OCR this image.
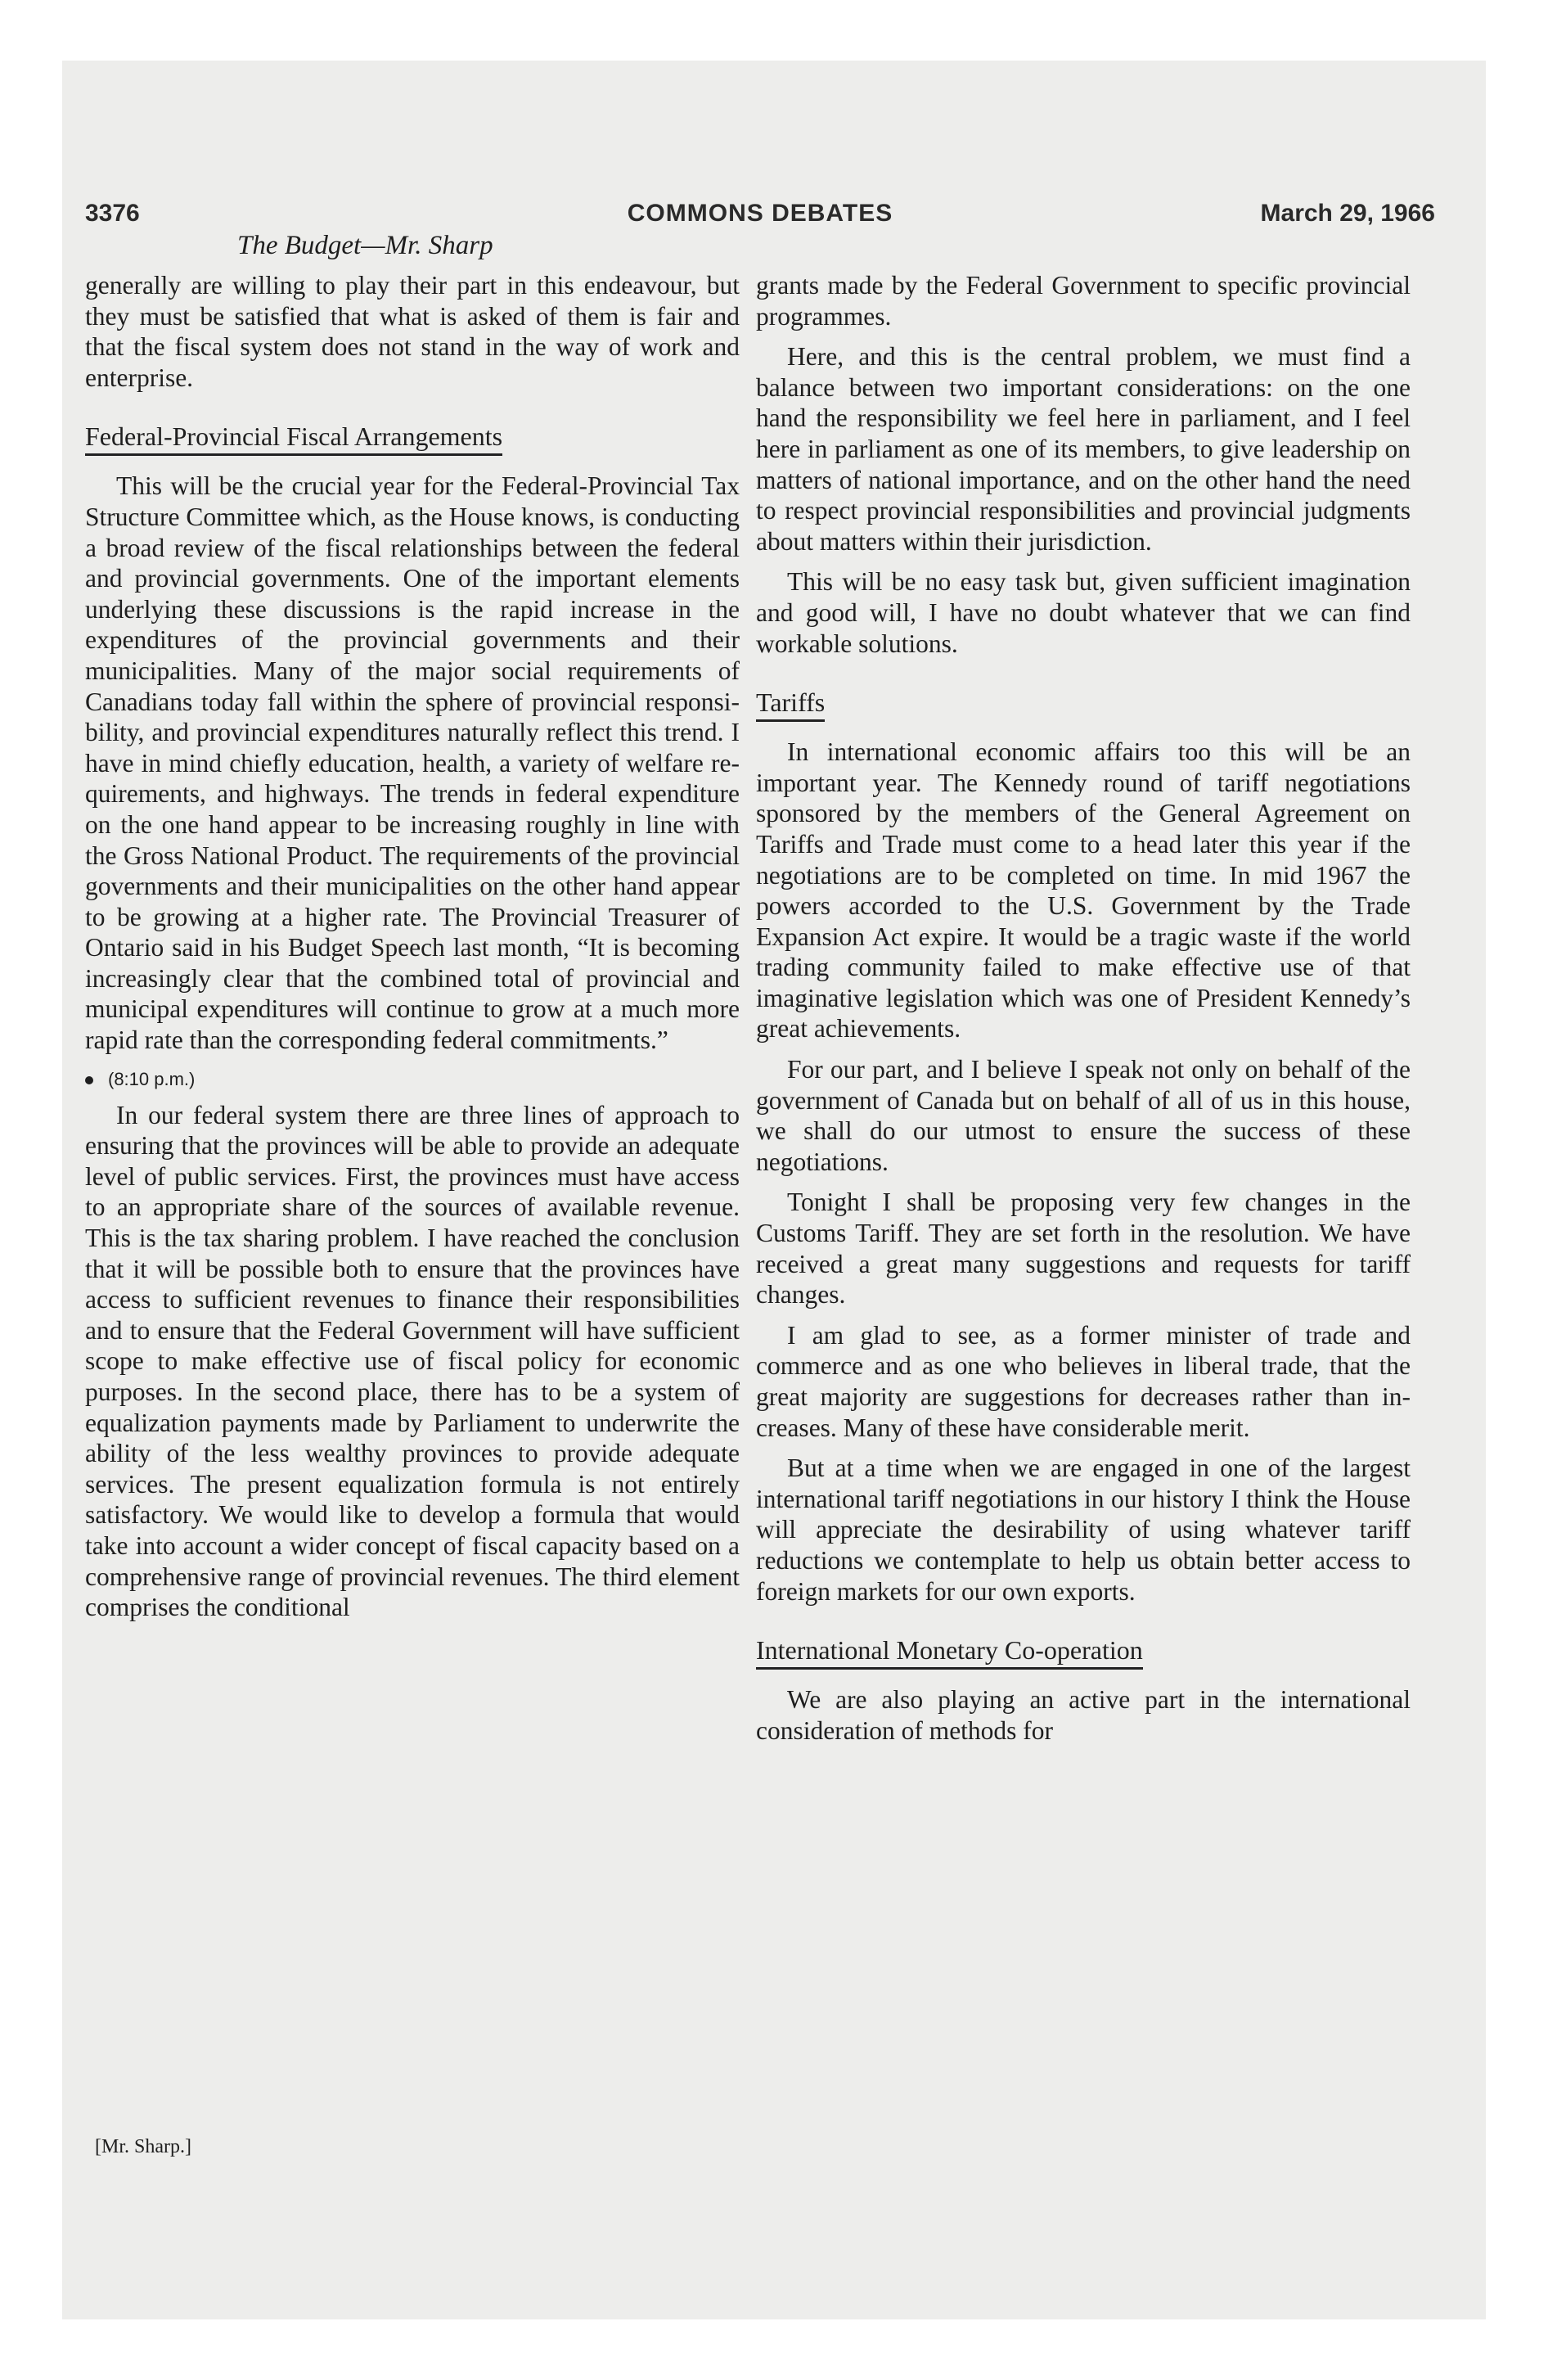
3376	COMMONS DEBATES	March 29, 1966
The Budget—Mr. Sharp

generally are willing to play their part in this endeavour, but they must be satisfied that what is asked of them is fair and that the fiscal system does not stand in the way of work and enterprise.

Federal-Provincial Fiscal Arrangements

This will be the crucial year for the Federal-Provincial Tax Structure Committee which, as the House knows, is conducting a broad review of the fiscal relationships between the federal and provincial governments. One of the important elements underlying these discussions is the rapid increase in the expenditures of the provincial governments and their municipalities. Many of the major social requirements of Canadians today fall within the sphere of provincial responsibility, and provincial expenditures naturally reflect this trend. I have in mind chiefly education, health, a variety of welfare requirements, and highways. The trends in federal expenditure on the one hand appear to be increasing roughly in line with the Gross National Product. The requirements of the provincial governments and their municipalities on the other hand appear to be growing at a higher rate. The Provincial Treasurer of Ontario said in his Budget Speech last month, “It is becoming increasingly clear that the combined total of provincial and municipal expenditures will continue to grow at a much more rapid rate than the corresponding federal commitments.”

(8:10 p.m.)

In our federal system there are three lines of approach to ensuring that the provinces will be able to provide an adequate level of public services. First, the provinces must have access to an appropriate share of the sources of available revenue. This is the tax sharing problem. I have reached the conclusion that it will be possible both to ensure that the provinces have access to sufficient revenues to finance their responsibilities and to ensure that the Federal Government will have sufficient scope to make effective use of fiscal policy for economic purposes. In the second place, there has to be a system of equalization payments made by Parliament to underwrite the ability of the less wealthy provinces to provide adequate services. The present equalization formula is not entirely satisfactory. We would like to develop a formula that would take into account a wider concept of fiscal capacity based on a comprehensive range of provincial revenues. The third element comprises the conditional

grants made by the Federal Government to specific provincial programmes.

Here, and this is the central problem, we must find a balance between two important considerations: on the one hand the responsibility we feel here in parliament, and I feel here in parliament as one of its members, to give leadership on matters of national importance, and on the other hand the need to respect provincial responsibilities and provincial judgments about matters within their jurisdiction.

This will be no easy task but, given sufficient imagination and good will, I have no doubt whatever that we can find workable solutions.

Tariffs

In international economic affairs too this will be an important year. The Kennedy round of tariff negotiations sponsored by the members of the General Agreement on Tariffs and Trade must come to a head later this year if the negotiations are to be completed on time. In mid 1967 the powers accorded to the U.S. Government by the Trade Expansion Act expire. It would be a tragic waste if the world trading community failed to make effective use of that imaginative legislation which was one of President Kennedy’s great achievements.

For our part, and I believe I speak not only on behalf of the government of Canada but on behalf of all of us in this house, we shall do our utmost to ensure the success of these negotiations.

Tonight I shall be proposing very few changes in the Customs Tariff. They are set forth in the resolution. We have received a great many suggestions and requests for tariff changes.

I am glad to see, as a former minister of trade and commerce and as one who believes in liberal trade, that the great majority are suggestions for decreases rather than increases. Many of these have considerable merit.

But at a time when we are engaged in one of the largest international tariff negotiations in our history I think the House will appreciate the desirability of using whatever tariff reductions we contemplate to help us obtain better access to foreign markets for our own exports.

International Monetary Co-operation

We are also playing an active part in the international consideration of methods for

[Mr. Sharp.]
